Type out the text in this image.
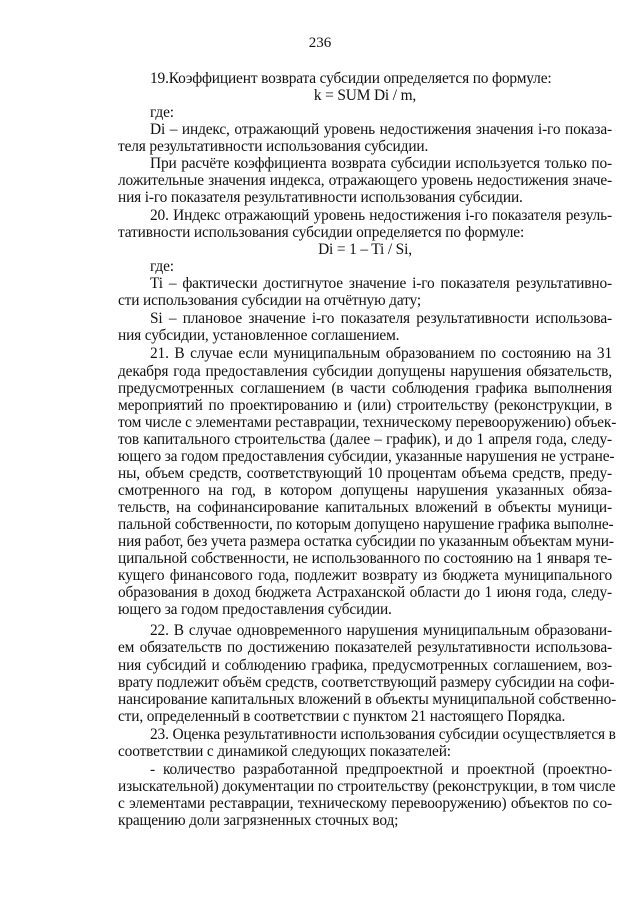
236
19.Коэффициент возврата субсидии определяется по формуле:
k = SUM Di / m,
где:
Di – индекс, отражающий уровень недостижения значения i-го показа-
теля результативности использования субсидии.
При расчёте коэффициента возврата субсидии используется только по-
ложительные значения индекса, отражающего уровень недостижения значе-
ния i-го показателя результативности использования субсидии.
20. Индекс отражающий уровень недостижения i-го показателя резуль-
тативности использования субсидии определяется по формуле:
Di = 1 – Ti / Si,
где:
Ti – фактически достигнутое значение i-го показателя результативно-
сти использования субсидии на отчётную дату;
Si – плановое значение i-го показателя результативности использова-
ния субсидии, установленное соглашением.
21. В случае если муниципальным образованием по состоянию на 31
декабря года предоставления субсидии допущены нарушения обязательств,
предусмотренных соглашением (в части соблюдения графика выполнения
мероприятий по проектированию и (или) строительству (реконструкции, в
том числе с элементами реставрации, техническому перевооружению) объек-
тов капитального строительства (далее – график), и до 1 апреля года, следу-
ющего за годом предоставления субсидии, указанные нарушения не устране-
ны, объем средств, соответствующий 10 процентам объема средств, преду-
смотренного на год, в котором допущены нарушения указанных обяза-
тельств, на софинансирование капитальных вложений в объекты муници-
пальной собственности, по которым допущено нарушение графика выполне-
ния работ, без учета размера остатка субсидии по указанным объектам муни-
ципальной собственности, не использованного по состоянию на 1 января те-
кущего финансового года, подлежит возврату из бюджета муниципального
образования в доход бюджета Астраханской области до 1 июня года, следу-
ющего за годом предоставления субсидии.
22. В случае одновременного нарушения муниципальным образовани-
ем обязательств по достижению показателей результативности использова-
ния субсидий и соблюдению графика, предусмотренных соглашением, воз-
врату подлежит объём средств, соответствующий размеру субсидии на софи-
нансирование капитальных вложений в объекты муниципальной собственно-
сти, определенный в соответствии с пунктом 21 настоящего Порядка.
23. Оценка результативности использования субсидии осуществляется в
соответствии с динамикой следующих показателей:
- количество разработанной предпроектной и проектной (проектно-
изыскательной) документации по строительству (реконструкции, в том числе
с элементами реставрации, техническому перевооружению) объектов по со-
кращению доли загрязненных сточных вод;
